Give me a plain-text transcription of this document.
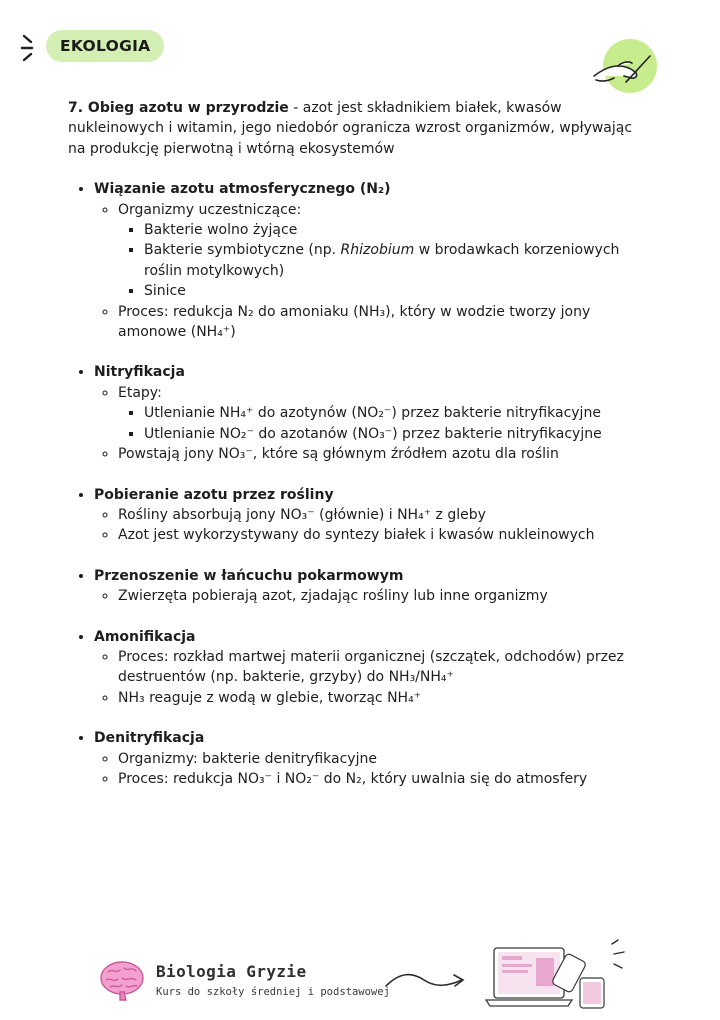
EKOLOGIA

7. Obieg azotu w przyrodzie - azot jest składnikiem białek, kwasów nukleinowych i witamin, jego niedobór ogranicza wzrost organizmów, wpływając na produkcję pierwotną i wtórną ekosystemów

• Wiązanie azotu atmosferycznego (N₂)
◦ Organizmy uczestniczące:
▪ Bakterie wolno żyjące
▪ Bakterie symbiotyczne (np. Rhizobium w brodawkach korzeniowych roślin motylkowych)
▪ Sinice
◦ Proces: redukcja N₂ do amoniaku (NH₃), który w wodzie tworzy jony amonowe (NH₄⁺)
• Nitryfikacja
◦ Etapy:
▪ Utlenianie NH₄⁺ do azotynów (NO₂⁻) przez bakterie nitryfikacyjne
▪ Utlenianie NO₂⁻ do azotanów (NO₃⁻) przez bakterie nitryfikacyjne
◦ Powstają jony NO₃⁻, które są głównym źródłem azotu dla roślin
• Pobieranie azotu przez rośliny
◦ Rośliny absorbują jony NO₃⁻ (głównie) i NH₄⁺ z gleby
◦ Azot jest wykorzystywany do syntezy białek i kwasów nukleinowych
• Przenoszenie w łańcuchu pokarmowym
◦ Zwierzęta pobierają azot, zjadając rośliny lub inne organizmy
• Amonifikacja
◦ Proces: rozkład martwej materii organicznej (szczątek, odchodów) przez destruentów (np. bakterie, grzyby) do NH₃/NH₄⁺
◦ NH₃ reaguje z wodą w glebie, tworząc NH₄⁺
• Denitryfikacja
◦ Organizmy: bakterie denitryfikacyjne
◦ Proces: redukcja NO₃⁻ i NO₂⁻ do N₂, który uwalnia się do atmosfery
Biologia Gryzie
Kurs do szkoły średniej i podstawowej
